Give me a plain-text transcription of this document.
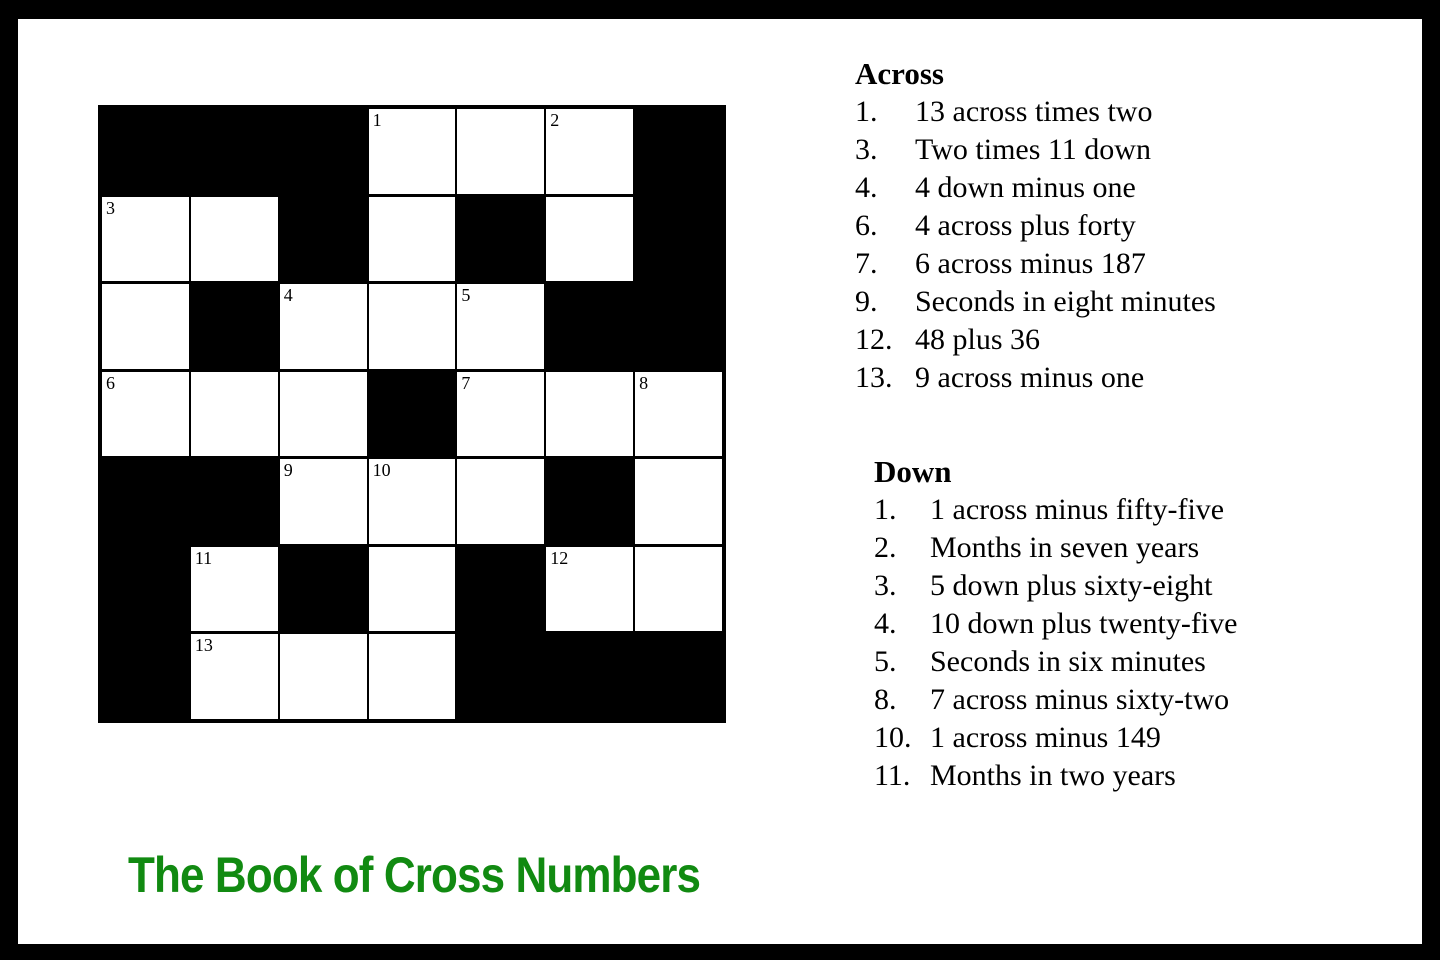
1	2
3
4	5
6	7	8
9	10
11	12
13
Across
1.	13 across times two
3.	Two times 11 down
4.	4 down minus one
6.	4 across plus forty
7.	6 across minus 187
9.	Seconds in eight minutes
12. 48 plus 36
13. 9 across minus one
Down
1.	1 across minus fifty-five
2.	Months in seven years
3.	5 down plus sixty-eight
4.	10 down plus twenty-five
5.	Seconds in six minutes
8.	7 across minus sixty-two
10. 1 across minus 149
11. Months in two years
The Book of Cross Numbers
